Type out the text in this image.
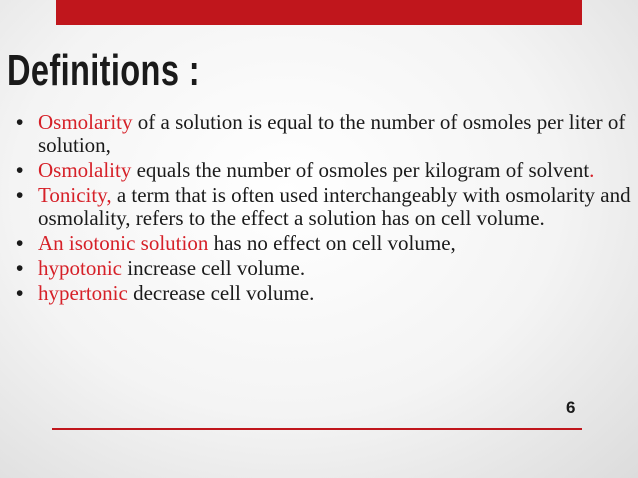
Definitions :
• Osmolarity of a solution is equal to the number of osmoles per liter of solution,
• Osmolality equals the number of osmoles per kilogram of solvent.
• Tonicity, a term that is often used interchangeably with osmolarity and osmolality, refers to the effect a solution has on cell volume.
• An isotonic solution has no effect on cell volume,
• hypotonic increase cell volume.
• hypertonic decrease cell volume.
6
